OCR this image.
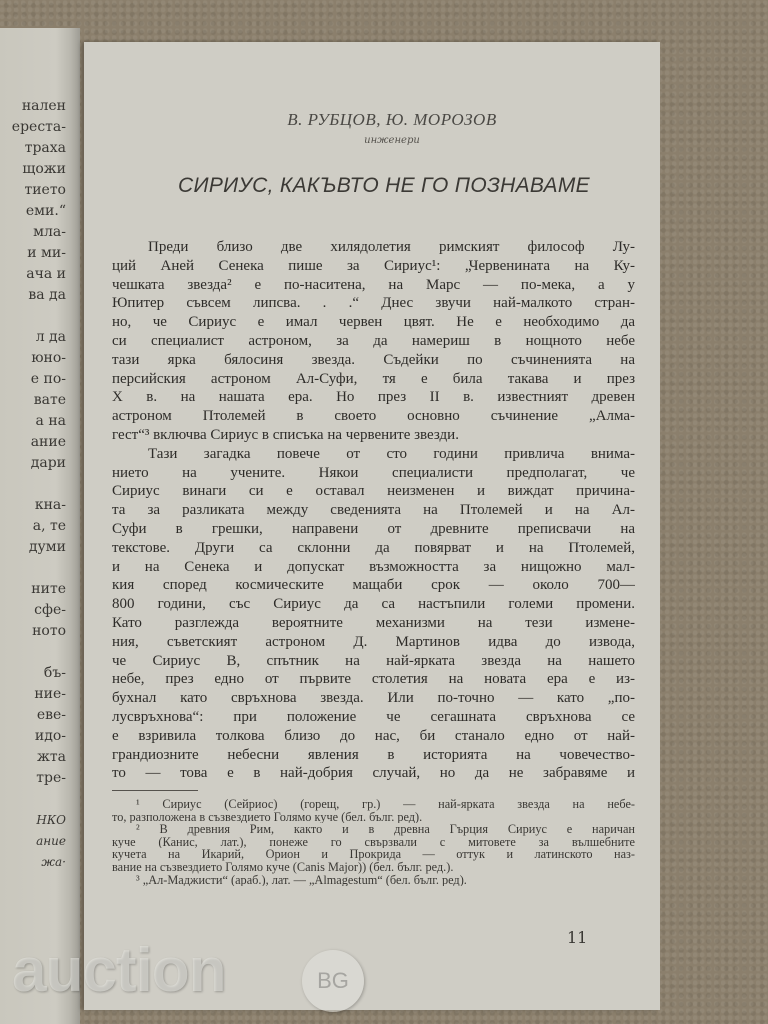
нален
ереста-
траха
щожи
тието
еми.“
мла-
и ми-
ача и
ва да

л да
юно-
е по-
вате
а на
ание
дари

кна-
а, те
думи

ните
сфе-
ното

бъ-
ние-
еве-
идо-
жта
тре-

НКО
ание
жа·
В. РУБЦОВ, Ю. МОРОЗОВ
инженери
СИРИУС, КАКЪВТО НЕ ГО ПОЗНАВАМЕ
Преди близо две хилядолетия римският философ Лу-
ций Аней Сенека пише за Сириус¹: „Червенината на Ку-
чешката звезда² е по-наситена, на Марс — по-мека, а у
Юпитер съвсем липсва. . .“ Днес звучи най-малкото стран-
но, че Сириус е имал червен цвят. Не е необходимо да
си специалист астроном, за да намериш в нощното небе
тази ярка бялосиня звезда. Съдейки по съчиненията на
персийския астроном Ал-Суфи, тя е била такава и през
X в. на нашата ера. Но през II в. известният древен
астроном Птолемей в своето основно съчинение „Алма-
гест“³ включва Сириус в списъка на червените звезди.
Тази загадка повече от сто години привлича внима-
нието на учените. Някои специалисти предполагат, че
Сириус винаги си е оставал неизменен и виждат причина-
та за разликата между сведенията на Птолемей и на Ал-
Суфи в грешки, направени от древните преписвачи на
текстове. Други са склонни да повярват и на Птолемей,
и на Сенека и допускат възможността за нищожно мал-
кия според космическите мащаби срок — около 700—
800 години, със Сириус да са настъпили големи промени.
Като разглежда вероятните механизми на тези измене-
ния, съветският астроном Д. Мартинов идва до извода,
че Сириус В, спътник на най-ярката звезда на нашето
небе, през едно от първите столетия на новата ера е из-
бухнал като свръхнова звезда. Или по-точно — като „по-
лусвръхнова“: при положение че сегашната свръхнова се
е взривила толкова близо до нас, би станало едно от най-
грандиозните небесни явления в историята на човечество-
то — това е в най-добрия случай, но да не забравяме и
¹ Сириус (Сейриос) (горещ, гр.) — най-ярката звезда на небе-
то, разположена в съзвездието Голямо куче (бел. бълг. ред).
² В древния Рим, както и в древна Гърция Сириус е наричан
куче (Канис, лат.), понеже го свързвали с митовете за вълшебните
кучета на Икарий, Орион и Прокрида — оттук и латинското наз-
вание на съзвездието Голямо куче (Canis Major)) (бел. бълг. ред.).
³ „Ал-Маджисти“ (араб.), лат. — „Almagestum“ (бел. бълг. ред).
11
auction	BG
